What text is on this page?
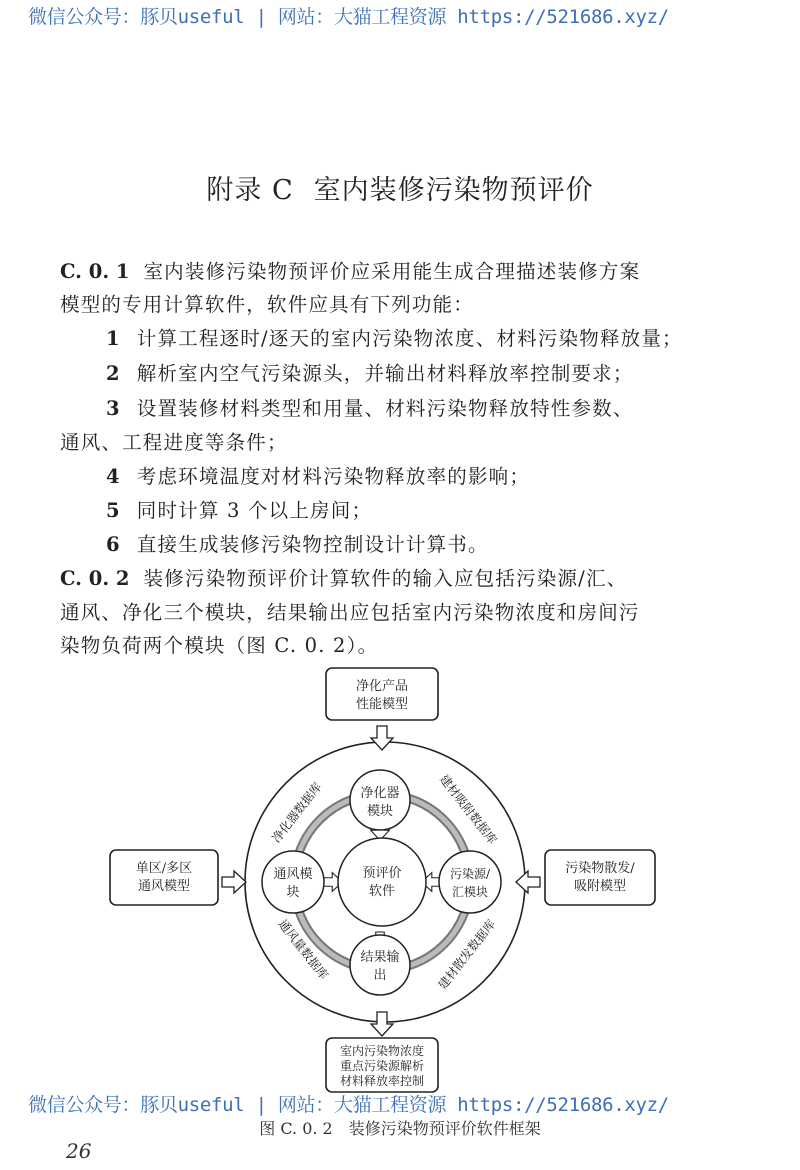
微信公众号：豚贝useful | 网站：大猫工程资源 https://521686.xyz/
附录 C 室内装修污染物预评价
C. 0. 1 室内装修污染物预评价应采用能生成合理描述装修方案
模型的专用计算软件，软件应具有下列功能：
1 计算工程逐时/逐天的室内污染物浓度、材料污染物释放量；
2 解析室内空气污染源头，并输出材料释放率控制要求；
3 设置装修材料类型和用量、材料污染物释放特性参数、
通风、工程进度等条件；
4 考虑环境温度对材料污染物释放率的影响；
5 同时计算 3 个以上房间；
6 直接生成装修污染物控制设计计算书。
C. 0. 2 装修污染物预评价计算软件的输入应包括污染源/汇、
通风、净化三个模块，结果输出应包括室内污染物浓度和房间污
染物负荷两个模块（图 C. 0. 2）。
净化产品
性能模型
单区/多区
通风模型
污染物散发/
吸附模型
室内污染物浓度
重点污染源解析
材料释放率控制
预评价
软件
净化器
模块
通风模
块
污染源/
汇模块
结果输
出
净化器数据库	建材吸附数据库
通风量数据库	建材散发数据库
微信公众号：豚贝useful | 网站：大猫工程资源 https://521686.xyz/
图 C. 0. 2　装修污染物预评价软件框架
26
